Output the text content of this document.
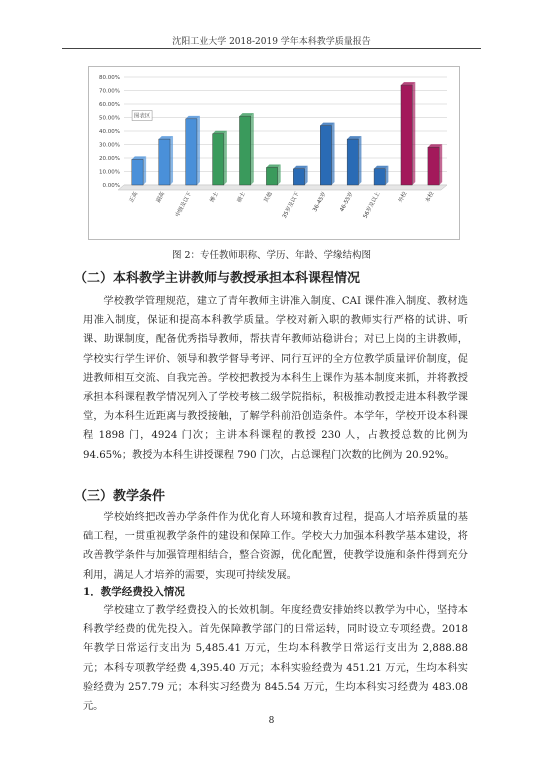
沈阳工业大学 2018-2019 学年本科教学质量报告
0.00%
10.00%
20.00%
30.00%
40.00%
50.00%
60.00%
70.00%
80.00%
正高	副高	中级及以下	博士	硕士	其他	35岁及以下	36-45岁	46-55岁	56岁及以上	外校	本校
图表区
图 2：专任教师职称、学历、年龄、学缘结构图
（二）本科教学主讲教师与教授承担本科课程情况

学校教学管理规范，建立了青年教师主讲准入制度、CAI 课件准入制度、教材选用准入制度，保证和提高本科教学质量。学校对新入职的教师实行严格的试讲、听课、助课制度，配备优秀指导教师，帮扶青年教师站稳讲台；对已上岗的主讲教师，学校实行学生评价、领导和教学督导考评、同行互评的全方位教学质量评价制度，促进教师相互交流、自我完善。学校把教授为本科生上课作为基本制度来抓，并将教授承担本科课程教学情况列入了学校考核二级学院指标，积极推动教授走进本科教学课堂，为本科生近距离与教授接触，了解学科前沿创造条件。本学年，学校开设本科课程 1898 门，4924 门次；主讲本科课程的教授 230 人，占教授总数的比例为 94.65%；教授为本科生讲授课程 790 门次，占总课程门次数的比例为 20.92%。

（三）教学条件

学校始终把改善办学条件作为优化育人环境和教育过程，提高人才培养质量的基础工程，一贯重视教学条件的建设和保障工作。学校大力加强本科教学基本建设，将改善教学条件与加强管理相结合，整合资源，优化配置，使教学设施和条件得到充分利用，满足人才培养的需要，实现可持续发展。

1．教学经费投入情况

学校建立了教学经费投入的长效机制。年度经费安排始终以教学为中心，坚持本科教学经费的优先投入。首先保障教学部门的日常运转，同时设立专项经费。2018 年教学日常运行支出为 5,485.41 万元，生均本科教学日常运行支出为 2,888.88 元；本科专项教学经费 4,395.40 万元；本科实验经费为 451.21 万元，生均本科实验经费为 257.79 元；本科实习经费为 845.54 万元，生均本科实习经费为 483.08 元。

8
